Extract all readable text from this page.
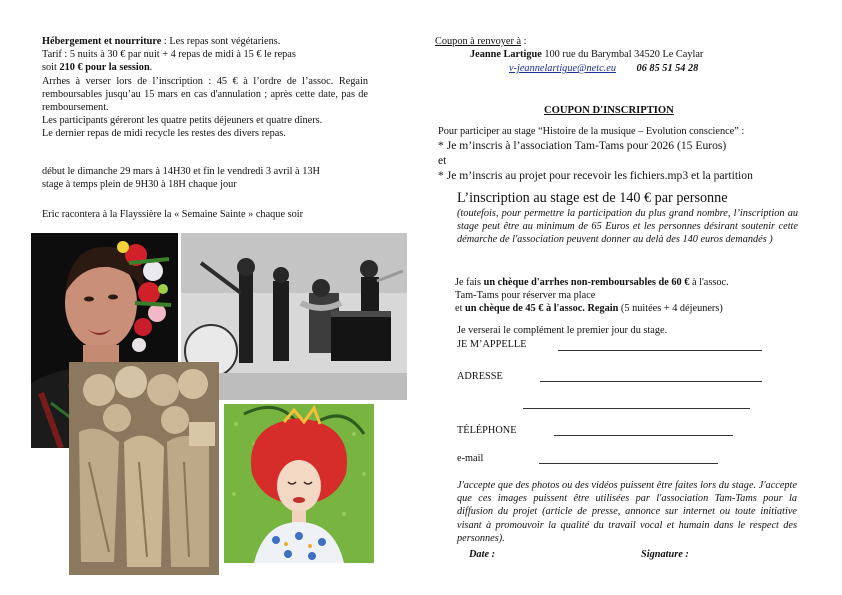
Hébergement et nourriture : Les repas sont végétariens.
Tarif : 5 nuits à 30 € par nuit + 4 repas de midi à 15 € le repas
soit 210 € pour la session.
Arrhes à verser lors de l’inscription : 45 € à l’ordre de l’assoc. Regain remboursables jusqu’au 15 mars en cas d'annulation ; après cette date, pas de remboursement.
Les participants géreront les quatre petits déjeuners et quatre dîners.
Le dernier repas de midi recycle les restes des divers repas.
début le dimanche 29 mars à 14H30 et fin le vendredi 3 avril à 13H
stage à temps plein de 9H30 à 18H chaque jour
Eric racontera à la Flayssière la « Semaine Sainte » chaque soir
Coupon à renvoyer à :
Jeanne Lartigue 100 rue du Barymbal 34520 Le Caylar
v-jeannelartigue@netc.eu 06 85 51 54 28
COUPON D'INSCRIPTION
Pour participer au stage “Histoire de la musique – Evolution conscience” :
* Je m’inscris à l’association Tam-Tams pour 2026 (15 Euros)
et
* Je m’inscris au projet pour recevoir les fichiers.mp3 et la partition
L’inscription au stage est de 140 € par personne
(toutefois, pour permettre la participation du plus grand nombre, l’inscription au stage peut être au minimum de 65 Euros et les personnes désirant soutenir cette démarche de l'association peuvent donner au delà des 140 euros demandés )
Je fais un chèque d'arrhes non-remboursables de 60 € à l'assoc.
Tam-Tams pour réserver ma place
et un chèque de 45 € à l'assoc. Regain (5 nuitées + 4 déjeuners)
Je verserai le complément le premier jour du stage.
JE M’APPELLE
ADRESSE
TÉLÉPHONE
e-mail
J'accepte que des photos ou des vidéos puissent être faites lors du stage. J'accepte que ces images puissent être utilisées par l'association Tam-Tams pour la diffusion du projet (article de presse, annonce sur internet ou toute initiative visant à promouvoir la qualité du travail vocal et humain dans le respect des personnes).
Date :	Signature :
